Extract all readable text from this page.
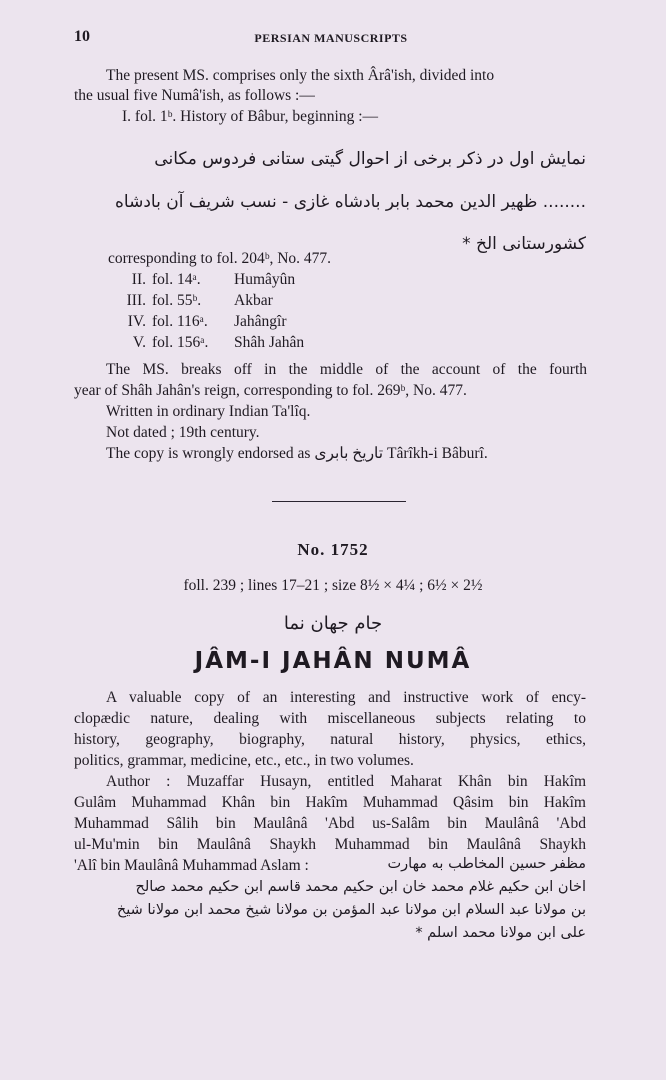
10	PERSIAN MANUSCRIPTS
The present MS. comprises only the sixth Ârâ'ish, divided into
the usual five Numâ'ish, as follows :—
I. fol. 1ᵇ. History of Bâbur, beginning :—
نمایش اول در ذکر برخی از احوال گیتی ستانی فردوس مکانی
........ ظهیر الدین محمد بابر بادشاه غازی - نسب شریف آن بادشاه
کشورستانی الخ *
corresponding to fol. 204ᵇ, No. 477.
II. fol. 14ᵃ. Humâyûn
III. fol. 55ᵇ. Akbar
IV. fol. 116ᵃ. Jahângîr
V. fol. 156ᵃ. Shâh Jahân
The MS. breaks off in the middle of the account of the fourth
year of Shâh Jahân's reign, corresponding to fol. 269ᵇ, No. 477.
Written in ordinary Indian Ta'lîq.
Not dated ; 19th century.
The copy is wrongly endorsed as تاریخ بابری Târîkh-i Bâburî.
No. 1752
foll. 239 ; lines 17–21 ; size 8½ × 4¼ ; 6½ × 2½
جام جهان نما
JÂM-I JAHÂN NUMÂ
A valuable copy of an interesting and instructive work of ency-
clopædic nature, dealing with miscellaneous subjects relating to
history, geography, biography, natural history, physics, ethics,
politics, grammar, medicine, etc., etc., in two volumes.
Author : Muzaffar Husayn, entitled Maharat Khân bin Hakîm
Gulâm Muhammad Khân bin Hakîm Muhammad Qâsim bin Hakîm
Muhammad Sâlih bin Maulânâ 'Abd us-Salâm bin Maulânâ 'Abd
ul-Mu'min bin Maulânâ Shaykh Muhammad bin Maulânâ Shaykh
'Alî bin Maulânâ Muhammad Aslam :	مظفر حسین المخاطب به مهارت
اخان ابن حکیم غلام محمد خان ابن حکیم محمد قاسم ابن حکیم محمد صالح
بن مولانا عبد السلام ابن مولانا عبد المؤمن بن مولانا شیخ محمد ابن مولانا شیخ
علی ابن مولانا محمد اسلم *
